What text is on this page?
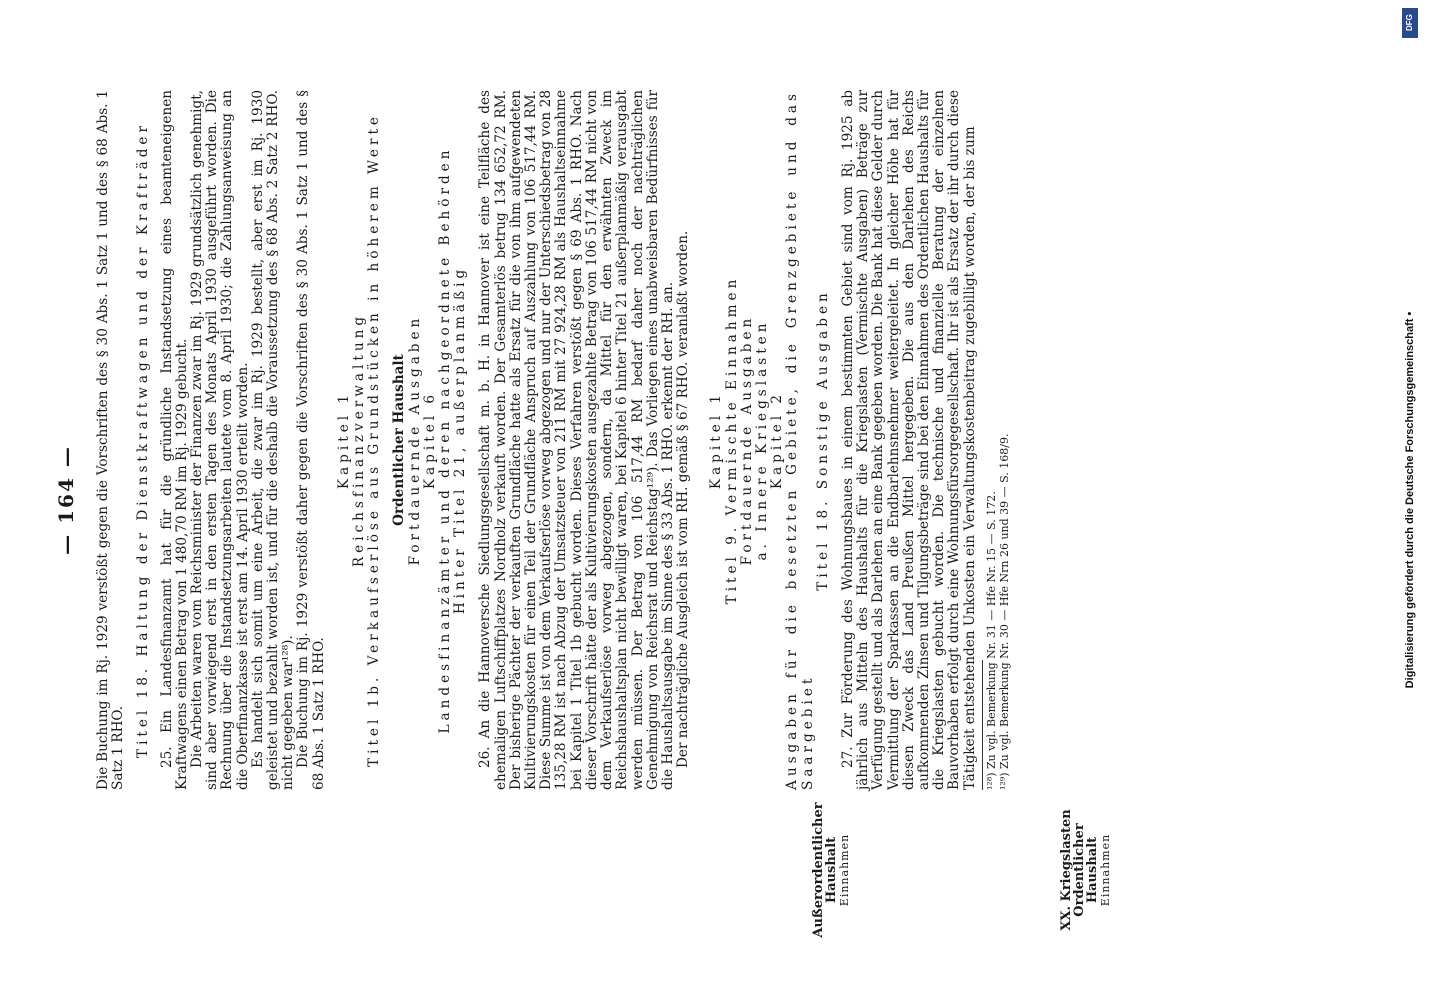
— 164 —
Außerordentlicher Haushalt Einnahmen	XX. Kriegslasten Ordentlicher Haushalt Einnahmen

Die Buchung im Rj. 1929 verstößt gegen die Vorschriften des § 30 Abs. 1 Satz 1 und des § 68 Abs. 1 Satz 1 RHO. Titel 18. Haltung der Dienstkraftwagen und der Krafträder 25. Ein Landesfinanzamt hat für die gründliche Instandsetzung eines beamteneigenen Kraftwagens einen Betrag von 1 480,70 RM im Rj. 1929 gebucht. Die Arbeiten waren vom Reichsminister der Finanzen zwar im Rj. 1929 grundsätzlich genehmigt, sind aber vorwiegend erst in den ersten Tagen des Monats April 1930 ausgeführt worden. Die Rechnung über die Instandsetzungsarbeiten lautete vom 8. April 1930; die Zahlungsanweisung an die Oberfinanzkasse ist erst am 14. April 1930 erteilt worden. Es handelt sich somit um eine Arbeit, die zwar im Rj. 1929 bestellt, aber erst im Rj. 1930 geleistet und bezahlt worden ist, und für die deshalb die Voraussetzung des § 68 Abs. 2 Satz 2 RHO. nicht gegeben war¹²⁸). Die Buchung im Rj. 1929 verstößt daher gegen die Vorschriften des § 30 Abs. 1 Satz 1 und des § 68 Abs. 1 Satz 1 RHO.

Kapitel 1 Reichsfinanzverwaltung Titel 1b. Verkaufserlöse aus Grundstücken in höherem Werte Ordentlicher Haushalt Fortdauernde Ausgaben Kapitel 6 Landesfinanzämter und deren nachgeordnete Behörden Hinter Titel 21, außerplanmäßig 26. An die Hannoversche Siedlungsgesellschaft m. b. H. in Hannover ist eine Teilfläche des ehemaligen Luftschiffplatzes Nordholz verkauft worden. Der Gesamterlös betrug 134 652,72 RM. Der bisherige Pächter der verkauften Grundfläche hatte als Ersatz für die von ihm aufgewendeten Kultivierungskosten für einen Teil der Grundfläche Anspruch auf Auszahlung von 106 517,44 RM. Diese Summe ist von dem Verkaufserlöse vorweg abgezogen und nur der Unterschiedsbetrag von 28 135,28 RM ist nach Abzug der Umsatzsteuer von 211 RM mit 27 924,28 RM als Haushaltseinnahme bei Kapitel 1 Titel 1b gebucht worden. Dieses Verfahren verstößt gegen § 69 Abs. 1 RHO. Nach dieser Vorschrift hätte der als Kultivierungskosten ausgezahlte Betrag von 106 517,44 RM nicht von dem Verkaufserlöse vorweg abgezogen, sondern, da Mittel für den erwähnten Zweck im Reichshaushaltsplan nicht bewilligt waren, bei Kapitel 6 hinter Titel 21 außerplanmäßig verausgabt werden müssen. Der Betrag von 106 517,44 RM bedarf daher noch der nachträglichen Genehmigung von Reichsrat und Reichstag¹²⁹). Das Vorliegen eines unabweisbaren Bedürfnisses für die Haushaltsausgabe im Sinne des § 33 Abs. 1 RHO. erkennt der RH. an. Der nachträgliche Ausgleich ist vom RH. gemäß § 67 RHO. veranlaßt worden. Kapitel 1 Titel 9. Vermischte Einnahmen Fortdauernde Ausgaben a. Innere Kriegslasten Kapitel 2 Ausgaben für die besetzten Gebiete, die Grenzgebiete und das Saargebiet

Titel 18. Sonstige Ausgaben 27. Zur Förderung des Wohnungsbaues in einem bestimmten Gebiet sind vom Rj. 1925 ab jährlich aus Mitteln des Haushalts für die Kriegslasten (Vermischte Ausgaben) Beträge zur Verfügung gestellt und als Darlehen an eine Bank gegeben worden. Die Bank hat diese Gelder durch Vermittlung der Sparkassen an die Endbarlehnsnehmer weitergeleitet. In gleicher Höhe hat für diesen Zweck das Land Preußen Mittel hergegeben. Die aus den Darlehen des Reichs aufkommenden Zinsen und Tilgungsbeträge sind bei den Einnahmen des Ordentlichen Haushalts für die Kriegslasten gebucht worden. Die technische und finanzielle Beratung der einzelnen Bauvorhaben erfolgt durch eine Wohnungsfürsorgegesellschaft. Ihr ist als Ersatz der ihr durch diese Tätigkeit entstehenden Unkosten ein Verwaltungskostenbeitrag zugebilligt worden, der bis zum ¹²⁸) Zu vgl. Bemerkung Nr. 31 — Hfe Nr. 15 — S. 172. ¹²⁹) Zu vgl. Bemerkung Nr. 30 — Hfe Nrn 26 und 39 — S. 168/9.

DFG
Digitalisierung gefördert durch die Deutsche Forschungsgemeinschaft •
